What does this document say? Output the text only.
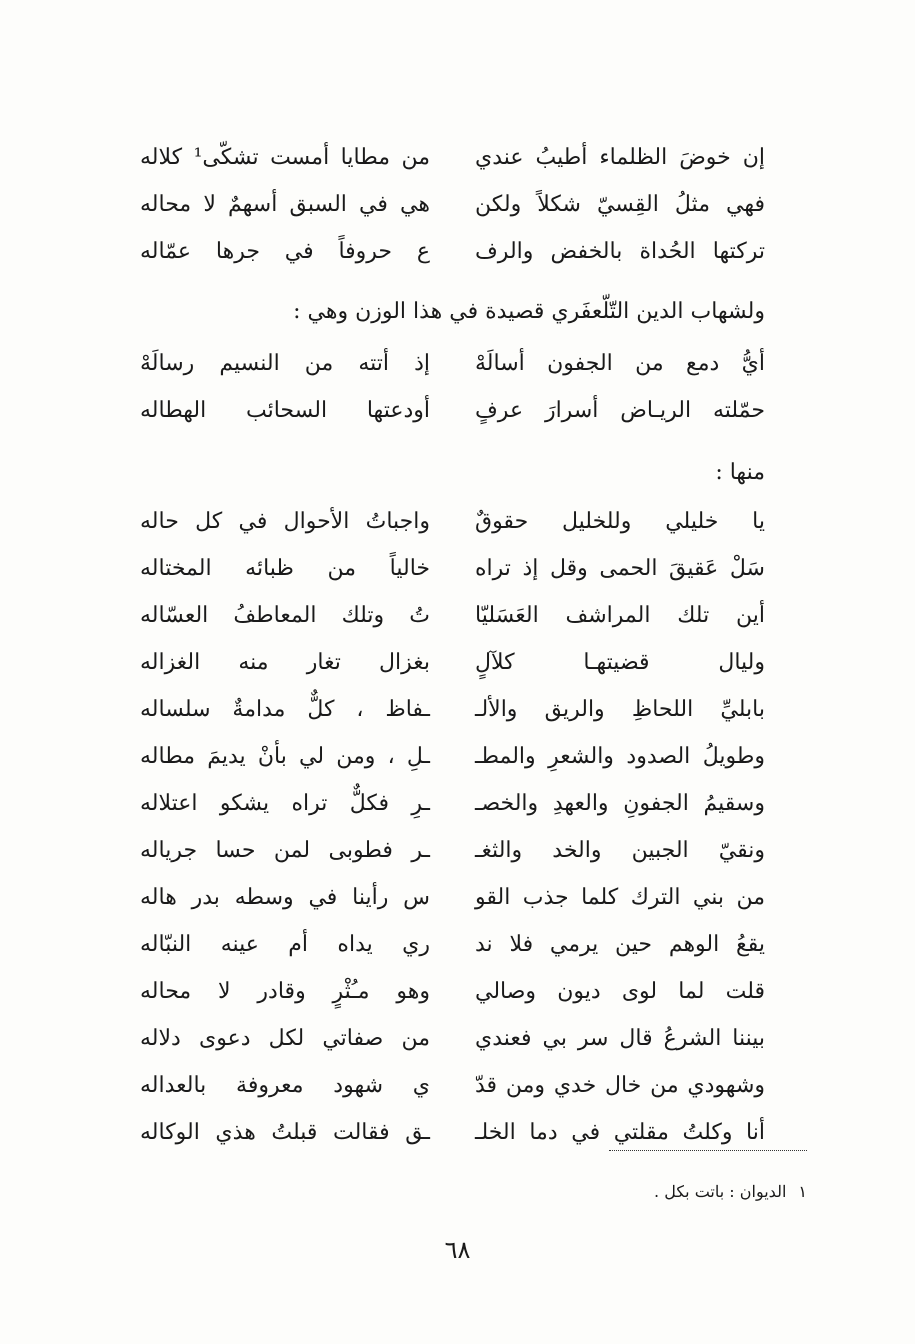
إن خوضَ الظلماء أطيبُ عندي
من مطايا أمست تشكّى¹ كلاله
فهي مثلُ القِسيّ شكلاً ولكن
هي في السبق أسهمٌ لا محاله
تركتها الحُداة بالخفض والرف
ع حروفاً في جرها عمّاله
ولشهاب الدين التّلّعفَري قصيدة في هذا الوزن وهي :
أيُّ دمع من الجفون أسالَهْ
إذ أتته من النسيم رسالَهْ
حمّلته الريـاض أسرارَ عرفٍ
أودعتها السحائب الهطاله
منها :
يا خليلي وللخليل حقوقٌ
واجباتُ الأحوال في كل حاله
سَلْ عَقيقَ الحمى وقل إذ تراه
خالياً من ظبائه المختاله
أين تلك المراشف العَسَليّا
تُ وتلك المعاطفُ العسّاله
وليال قضيتهـا كلآلٍ
بغزال تغار منه الغزاله
بابليِّ اللحاظِ والريق والألـ
ـفاظ ، كلٌّ مدامةٌ سلساله
وطويلُ الصدود والشعرِ والمطـ
ـلِ ، ومن لي بأنْ يديمَ مطاله
وسقيمُ الجفونِ والعهدِ والخصـ
ـرِ فكلٌّ تراه يشكو اعتلاله
ونقيّ الجبين والخد والثغـ
ـر فطوبى لمن حسا جرياله
من بني الترك كلما جذب القو
س رأينا في وسطه بدر هاله
يقعُ الوهم حين يرمي فلا ند
ري يداه أم عينه النبّاله
قلت لما لوى ديون وصالي
وهو مـُثْرٍ وقادر لا محاله
بيننا الشرعُ قال سر بي فعندي
من صفاتي لكل دعوى دلاله
وشهودي من خال خدي ومن قدّ
ي شهود معروفة بالعداله
أنا وكلتُ مقلتي في دما الخلـ
ـق فقالت قبلتُ هذي الوكاله
١الديوان : باتت بكل .
٦٨
